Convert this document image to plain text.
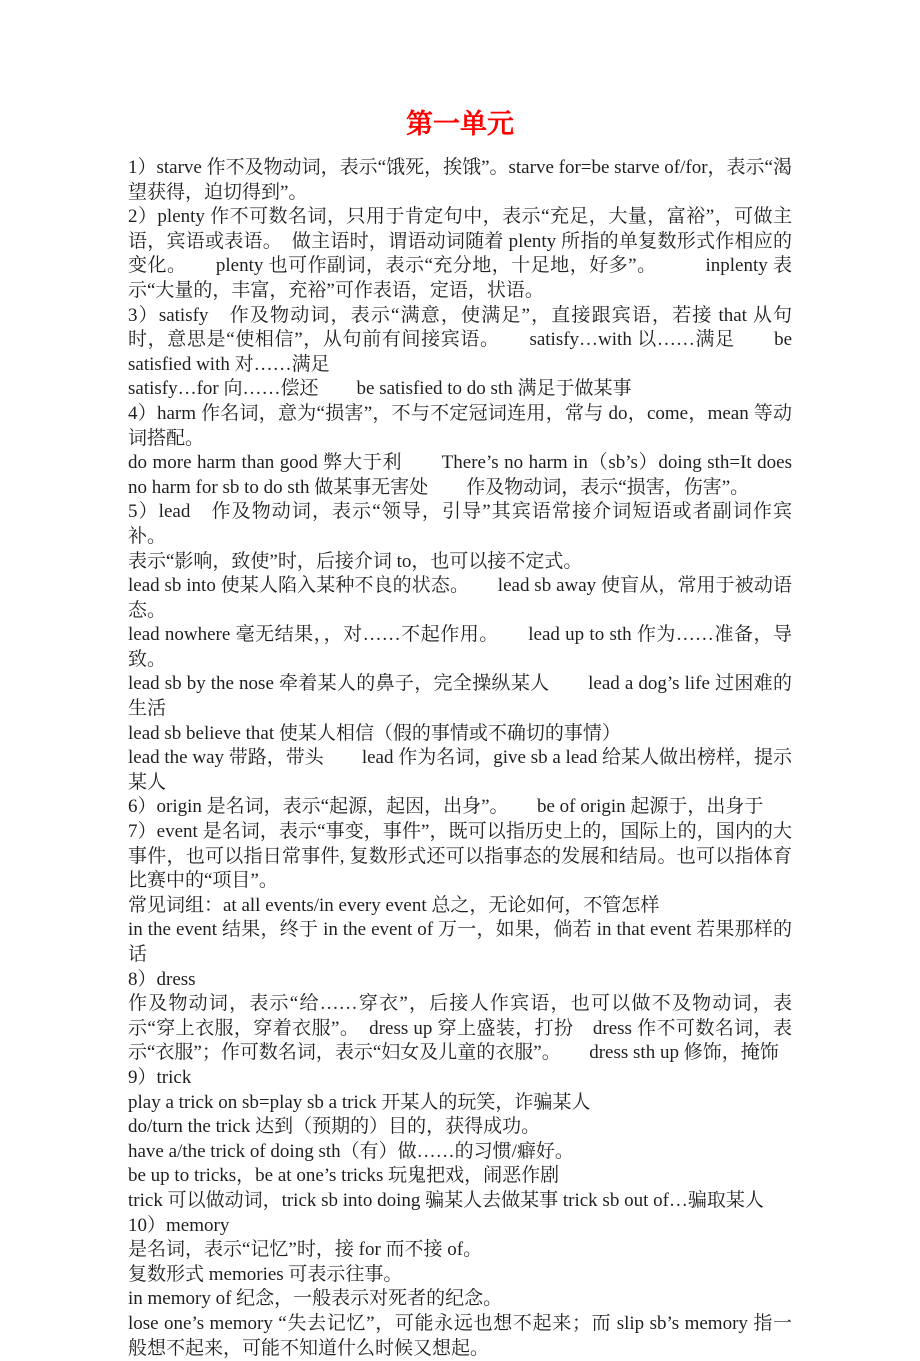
第一单元

1）starve 作不及物动词，表示“饿死，挨饿”。starve for=be starve of/for，表示“渴望获得，迫切得到”。

2）plenty 作不可数名词，只用于肯定句中，表示“充足，大量，富裕”，可做主语，宾语或表语。　做主语时，谓语动词随着 plenty 所指的单复数形式作相应的变化。　　plenty 也可作副词，表示“充分地，十足地，好多”。　　　inplenty 表示“大量的，丰富，充裕”可作表语，定语，状语。

3）satisfy　作及物动词，表示“满意，使满足”，直接跟宾语，若接 that 从句时，意思是“使相信”，从句前有间接宾语。　　satisfy…with 以……满足　　be satisfied with 对……满足

satisfy…for 向……偿还　　be satisfied to do sth 满足于做某事

4）harm 作名词，意为“损害”，不与不定冠词连用，常与 do，come，mean 等动词搭配。

do more harm than good 弊大于利　　There’s no harm in（sb’s）doing sth=It does no harm for sb to do sth 做某事无害处　　作及物动词，表示“损害，伤害”。

5）lead　作及物动词，表示“领导，引导”其宾语常接介词短语或者副词作宾补。

表示“影响，致使”时，后接介词 to，也可以接不定式。

lead sb into 使某人陷入某种不良的状态。　　lead sb away 使盲从，常用于被动语态。

lead nowhere 毫无结果，，对……不起作用。　　lead up to sth 作为……准备，导致。

lead sb by the nose 牵着某人的鼻子，完全操纵某人　　lead a dog’s life 过困难的生活

lead sb believe that 使某人相信（假的事情或不确切的事情）

lead the way 带路，带头　　lead 作为名词，give sb a lead 给某人做出榜样，提示某人

6）origin 是名词，表示“起源，起因，出身”。　　be of origin 起源于，出身于

7）event 是名词，表示“事变，事件”，既可以指历史上的，国际上的，国内的大事件，也可以指日常事件, 复数形式还可以指事态的发展和结局。也可以指体育比赛中的“项目”。

常见词组：at all events/in every event 总之，无论如何，不管怎样

in the event 结果，终于 in the event of 万一，如果，倘若 in that event 若果那样的话

8）dress

作及物动词，表示“给……穿衣”，后接人作宾语，也可以做不及物动词，表示“穿上衣服，穿着衣服”。　dress up 穿上盛装，打扮　dress 作不可数名词，表示“衣服”；作可数名词，表示“妇女及儿童的衣服”。　　dress sth up 修饰，掩饰

9）trick

play a trick on sb=play sb a trick 开某人的玩笑，诈骗某人

do/turn the trick 达到（预期的）目的，获得成功。

have a/the trick of doing sth（有）做……的习惯/癖好。

be up to tricks，be at one’s tricks 玩鬼把戏，闹恶作剧

trick 可以做动词，trick sb into doing 骗某人去做某事 trick sb out of…骗取某人

10）memory

是名词，表示“记忆”时，接 for 而不接 of。

复数形式 memories 可表示往事。

in memory of 纪念，一般表示对死者的纪念。

lose one’s memory “失去记忆”，可能永远也想不起来；而 slip sb’s memory 指一般想不起来，可能不知道什么时候又想起。
